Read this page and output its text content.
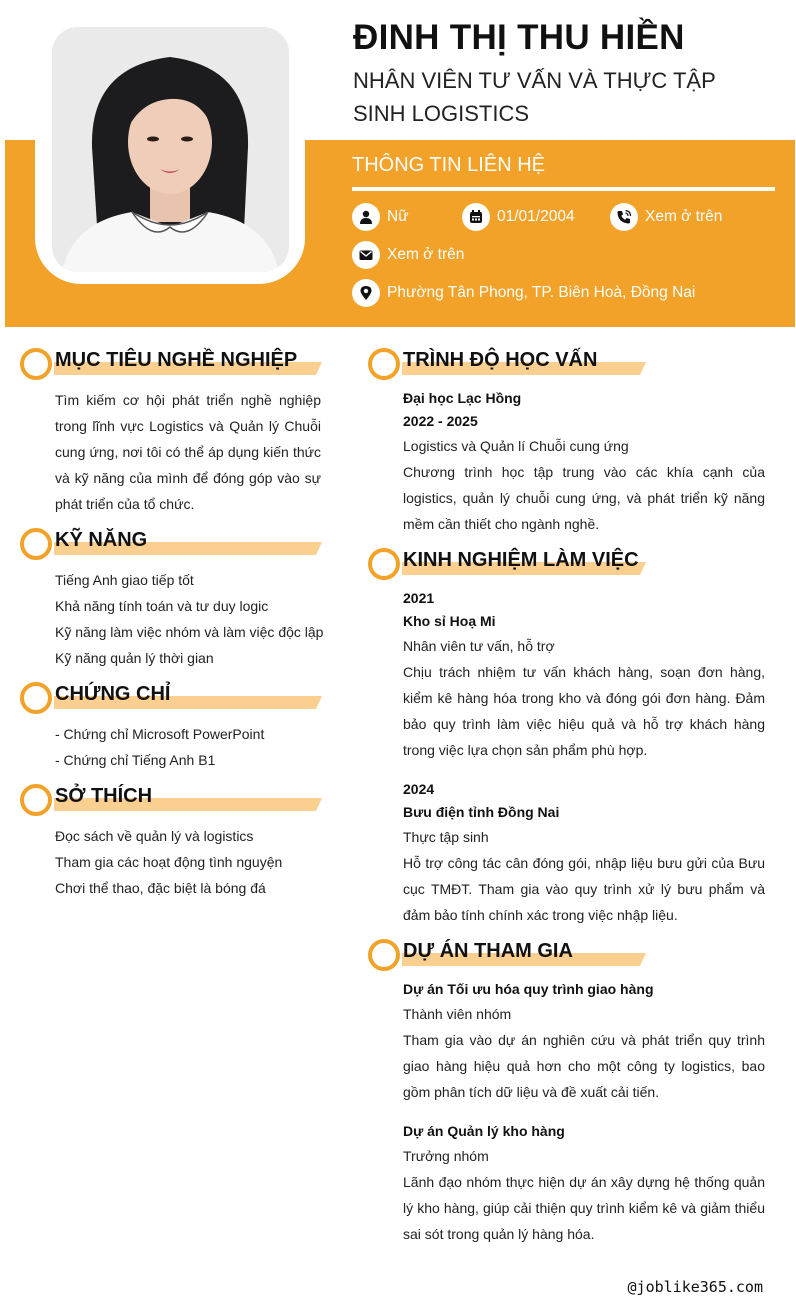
ĐINH THỊ THU HIỀN

NHÂN VIÊN TƯ VẤN VÀ THỰC TẬP SINH LOGISTICS

THÔNG TIN LIÊN HỆ
Nữ	01/01/2004	Xem ở trên
Xem ở trên
Phường Tân Phong, TP. Biên Hoà, Đồng Nai
MỤC TIÊU NGHỀ NGHIỆP

Tìm kiếm cơ hội phát triển nghề nghiệp trong lĩnh vực Logistics và Quản lý Chuỗi cung ứng, nơi tôi có thể áp dụng kiến thức và kỹ năng của mình để đóng góp vào sự phát triển của tổ chức.

KỸ NĂNG

Tiếng Anh giao tiếp tốt

Khả năng tính toán và tư duy logic

Kỹ năng làm việc nhóm và làm việc độc lập

Kỹ năng quản lý thời gian

CHỨNG CHỈ

- Chứng chỉ Microsoft PowerPoint

- Chứng chỉ Tiếng Anh B1

SỞ THÍCH

Đọc sách về quản lý và logistics

Tham gia các hoạt động tình nguyện

Chơi thể thao, đặc biệt là bóng đá

TRÌNH ĐỘ HỌC VẤN

Đại học Lạc Hồng

2022 - 2025

Logistics và Quản lí Chuỗi cung ứng

Chương trình học tập trung vào các khía cạnh của logistics, quản lý chuỗi cung ứng, và phát triển kỹ năng mềm cần thiết cho ngành nghề.

KINH NGHIỆM LÀM VIỆC

2021

Kho sỉ Hoạ Mi

Nhân viên tư vấn, hỗ trợ

Chịu trách nhiệm tư vấn khách hàng, soạn đơn hàng, kiểm kê hàng hóa trong kho và đóng gói đơn hàng. Đảm bảo quy trình làm việc hiệu quả và hỗ trợ khách hàng trong việc lựa chọn sản phẩm phù hợp.

2024

Bưu điện tỉnh Đồng Nai

Thực tập sinh

Hỗ trợ công tác cân đóng gói, nhập liệu bưu gửi của Bưu cục TMĐT. Tham gia vào quy trình xử lý bưu phẩm và đảm bảo tính chính xác trong việc nhập liệu.

DỰ ÁN THAM GIA

Dự án Tối ưu hóa quy trình giao hàng

Thành viên nhóm

Tham gia vào dự án nghiên cứu và phát triển quy trình giao hàng hiệu quả hơn cho một công ty logistics, bao gồm phân tích dữ liệu và đề xuất cải tiến.

Dự án Quản lý kho hàng

Trưởng nhóm

Lãnh đạo nhóm thực hiện dự án xây dựng hệ thống quản lý kho hàng, giúp cải thiện quy trình kiểm kê và giảm thiểu sai sót trong quản lý hàng hóa.

@joblike365.com
